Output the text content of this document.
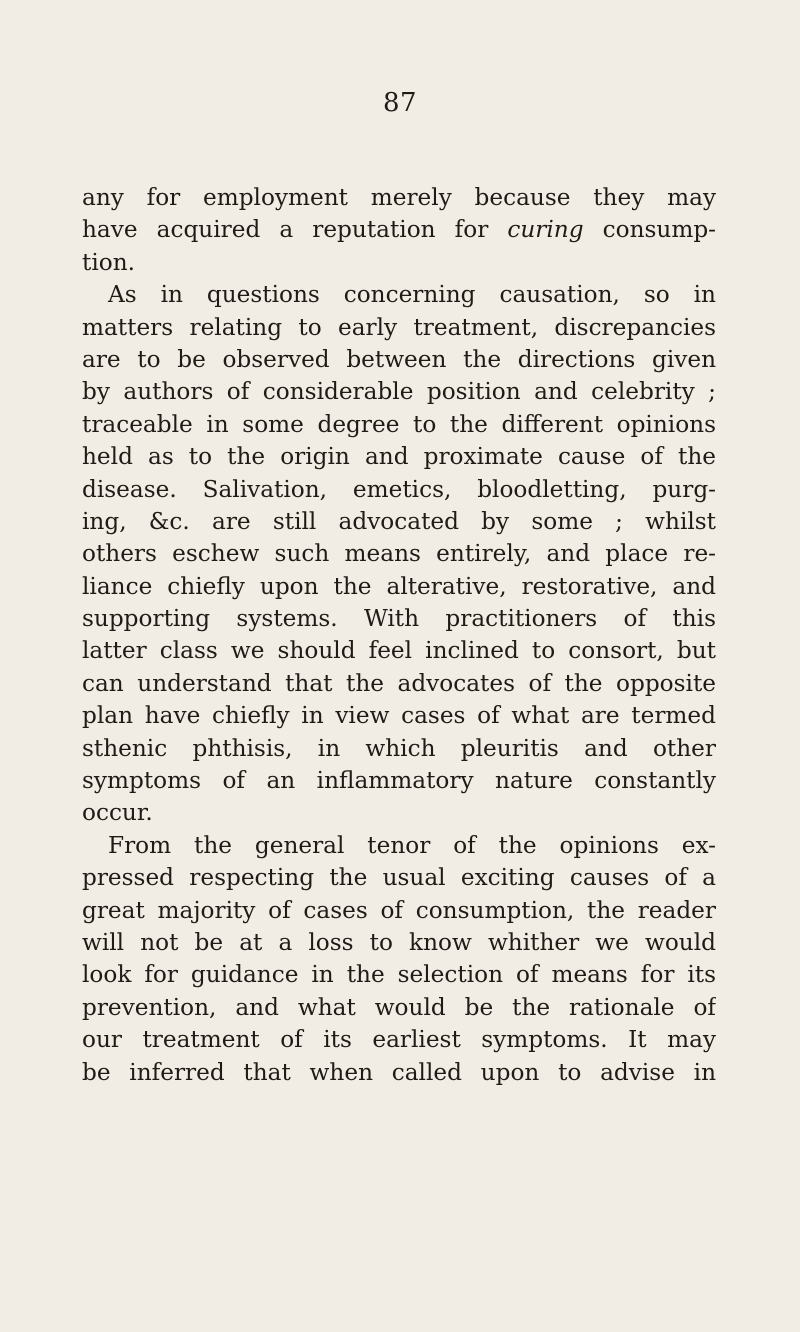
87
any for employment merely because they may
have acquired a reputation for curing consump-
tion.
As in questions concerning causation, so in
matters relating to early treatment, discrepancies
are to be observed between the directions given
by authors of considerable position and celebrity ;
traceable in some degree to the different opinions
held as to the origin and proximate cause of the
disease. Salivation, emetics, bloodletting, purg-
ing, &c. are still advocated by some ; whilst
others eschew such means entirely, and place re-
liance chiefly upon the alterative, restorative, and
supporting systems. With practitioners of this
latter class we should feel inclined to consort, but
can understand that the advocates of the opposite
plan have chiefly in view cases of what are termed
sthenic phthisis, in which pleuritis and other
symptoms of an inflammatory nature constantly
occur.
From the general tenor of the opinions ex-
pressed respecting the usual exciting causes of a
great majority of cases of consumption, the reader
will not be at a loss to know whither we would
look for guidance in the selection of means for its
prevention, and what would be the rationale of
our treatment of its earliest symptoms. It may
be inferred that when called upon to advise in
